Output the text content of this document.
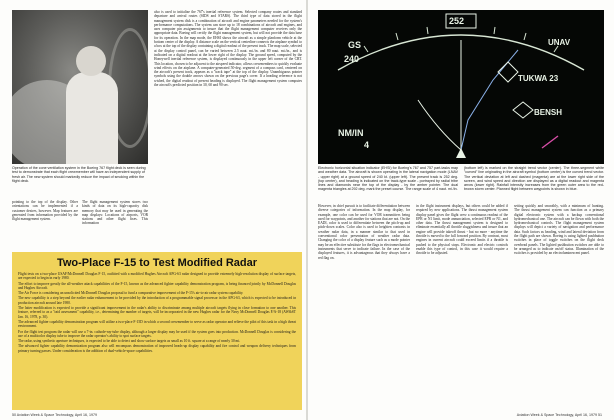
Operation of the cone ventilation system in the Boeing 767 flight deck is seen during test to demonstrate that each flight crewmember will have an independent supply of fresh air. The new system should markedly reduce the impact of smoking within the flight deck.

pointing to the top of the display. Other orientations can be implemented if a customer desires, however. Map features are generated from information provided by the flight management system.

The flight management system stores two kinds of data on its high-capacity disk memory that may be used in generating the map displays: Locations of airports, VOR stations and other flight fixes. This information

also is used to initialize the 767's inertial reference system. Selected company routes and standard departure and arrival routes (SIDS and STARS). The third type of data stored in the flight management system disk is a combination of aircraft and engine parameters needed for the system's performance computations. The system can store up to 18 combinations of aircraft and engines, and uses computer pin assignments to insure that the flight management computer receives only the appropriate data. Boeing will certify the flight management system, but will not provide the data base for its operation. In the map mode, the EHSI shows the aircraft as a simple planform vehicle at the bottom center of the display. A distance scale on the vertical centerline connects the airplane symbol to a box at the top of the display containing a digital readout of the present track. The map scale, selected at the display control panel, can be varied between 2.5 naut. mi./in. and 80 naut. mi./in., and is indicated on a digital readout at the lower right of the display. The ground speed, computed by the Honeywell inertial reference system, is displayed continuously in the upper left corner of the CRT. This location, chosen to be adjacent to the airspeed indicator, allows crewmembers to quickly evaluate wind effects on the airplane. A computer-generated 50-deg. segment of a compass card, centered on the aircraft's present track, appears as a "track tape" at the top of the display. Unambiguous pointer symbols using the double arrows shown on the previous page's cover. If a heading reference is not wished, the digital readout of present heading is displayed. The flight management system computes the aircraft's predicted position in 30, 60 and 90 sec.

Two-Place F-15 to Test Modified Radar

Flight tests on a two-place USAF/McDonnell Douglas F-15, outfitted with a modified Hughes Aircraft APG-63 radar designed to provide extremely high-resolution display of surface targets, are expected to begin in early 1980.

The effort to improve greatly the all-weather attack capabilities of the F-15, known as the advanced fighter capability demonstration program, is being financed jointly by McDonnell Douglas and Hughes Aircraft.

The Air Force is considering an unsolicited McDonnell Douglas proposal to fund a comparative improvement of the F-15's air-to-air radar system capability.

The new capability is a step beyond the earlier radar enhancement to be provided by the introduction of a programmable signal processor in the APG-63, which is expected to be introduced in production aircraft around late 1980.

The latter modification is expected to provide a significant improvement in the radar's ability to discriminate among multiple aircraft targets flying in close formation to one another. This feature, referred to as a "raid assessment" capability, i.e., determining the number of targets, will be incorporated in the new Hughes radar for the Navy McDonnell Douglas F/A-18 (AW&ST Jan. 16, 1978, p. 30).

The advanced fighter capability demonstration program will utilize a two-place F-15D in which a second crewmember to serve as radar operator and relieve the pilot of this task in a high threat environment.

For the flight test program the radar will use a 7-in. cathode-ray-tube display, although a larger display may be used if the system goes into production. McDonnell Douglas is considering the use of a multicolor display tube to improve the radar operator's ability to spot surface targets.

The radar, using synthetic aperture techniques, is expected to be able to detect and show surface targets as small as 10 ft. square at a range of nearly 30 mi.

The advanced fighter capability demonstration program also will encompass demonstration of improved heads-up display capability and fire control and weapon delivery techniques from primary turning passes. Under consideration is the addition of dual-vehicle-space capabilities.

50 Aviation Week & Space Technology, April 16, 1979
GS
240
252
UNAV
TUKWA 23
BENSH
NM/IN
4
Electronic horizontal situation indicator (EHSI) for Boeing's 767 and 757 part-tasks map and weather data. The aircraft is shown operating in the lateral navigation mode (LNAV - upper right) at a ground speed of 240 kt. (upper left). The present track is 252 deg. (top center), and heading is indicated on the track-type scale - portrayed by radial tribe lines and diamonds near the top of the display - by the amber pointer. The dual magenta triangles at 292 deg. mark the preset course. The range scale of 4 naut. mi./in.
(bottom left) is marked on the straight trend vector (center). The three-segment white "curved" line originating in the aircraft symbol (bottom center) is the curved trend vector. The vertical deviation at left and dashed (magenta) are at the lower right side of the screen, and wind speed and direction are displayed as a digital readout and magenta arrow (lower right). Rainfall intensity increases from the green outer area to the red-brown storm center. Planned flight between waypoints is shown in blue.

However, in chief pursuit is to facilitate differentiation between diverse categories of information. In the map display, for example, one color can be used for VOR transmitters being used for waypoints, and another for stations that are not. On the EADI, color is used to differentiate between the pitch-up and pitch-down scales. Color also is used to heighten contrasts in weather radar data, in a manner similar to that used in conventional color presentation of weather radar data. Changing the color of a display feature such as a mode pointer may be an effective substitute for the flags in electromechanical instruments that serve to indicate failure. In the case of the displayed features, it is advantageous that they always have a red flag on.

in the flight instrument displays, but others could be added if required by new applications. The thrust management system display panel gives the flight crew a continuous readout of the EPR or N1 limit, mode annunciation, selected EPR or N1, and other data. The thrust management system is designed to eliminate essentially all throttle sluggishness and insure that an engine will provide takeoff thrust - but no more - anytime the throttle is moved to the full forward position. By contrast, most engines in current aircraft could exceed limits if a throttle is pushed to the physical stops. Electronic and electric controls enable this type of control, in this case it would require a throttle to be adjusted.

setting quickly and smoothly, with a minimum of hunting. The thrust management system can function as a primary digital electronic system with a backup conventional hydromechanical one. The aircraft can be flown with both the hydromechanical controls. The flight management system displays will depict a variety of navigation and performance data. Such factors as heading, wind and lateral deviation from the flight path are shown. Boeing is using lighted pushbutton switches in place of toggle switches on the flight deck overhead panels. The lighted pushbutton switches are able to be arranged as to indicate on/off status. Illumination of the switches is provided by an electroluminescent panel.

Aviation Week & Space Technology, April 16, 1979 51
